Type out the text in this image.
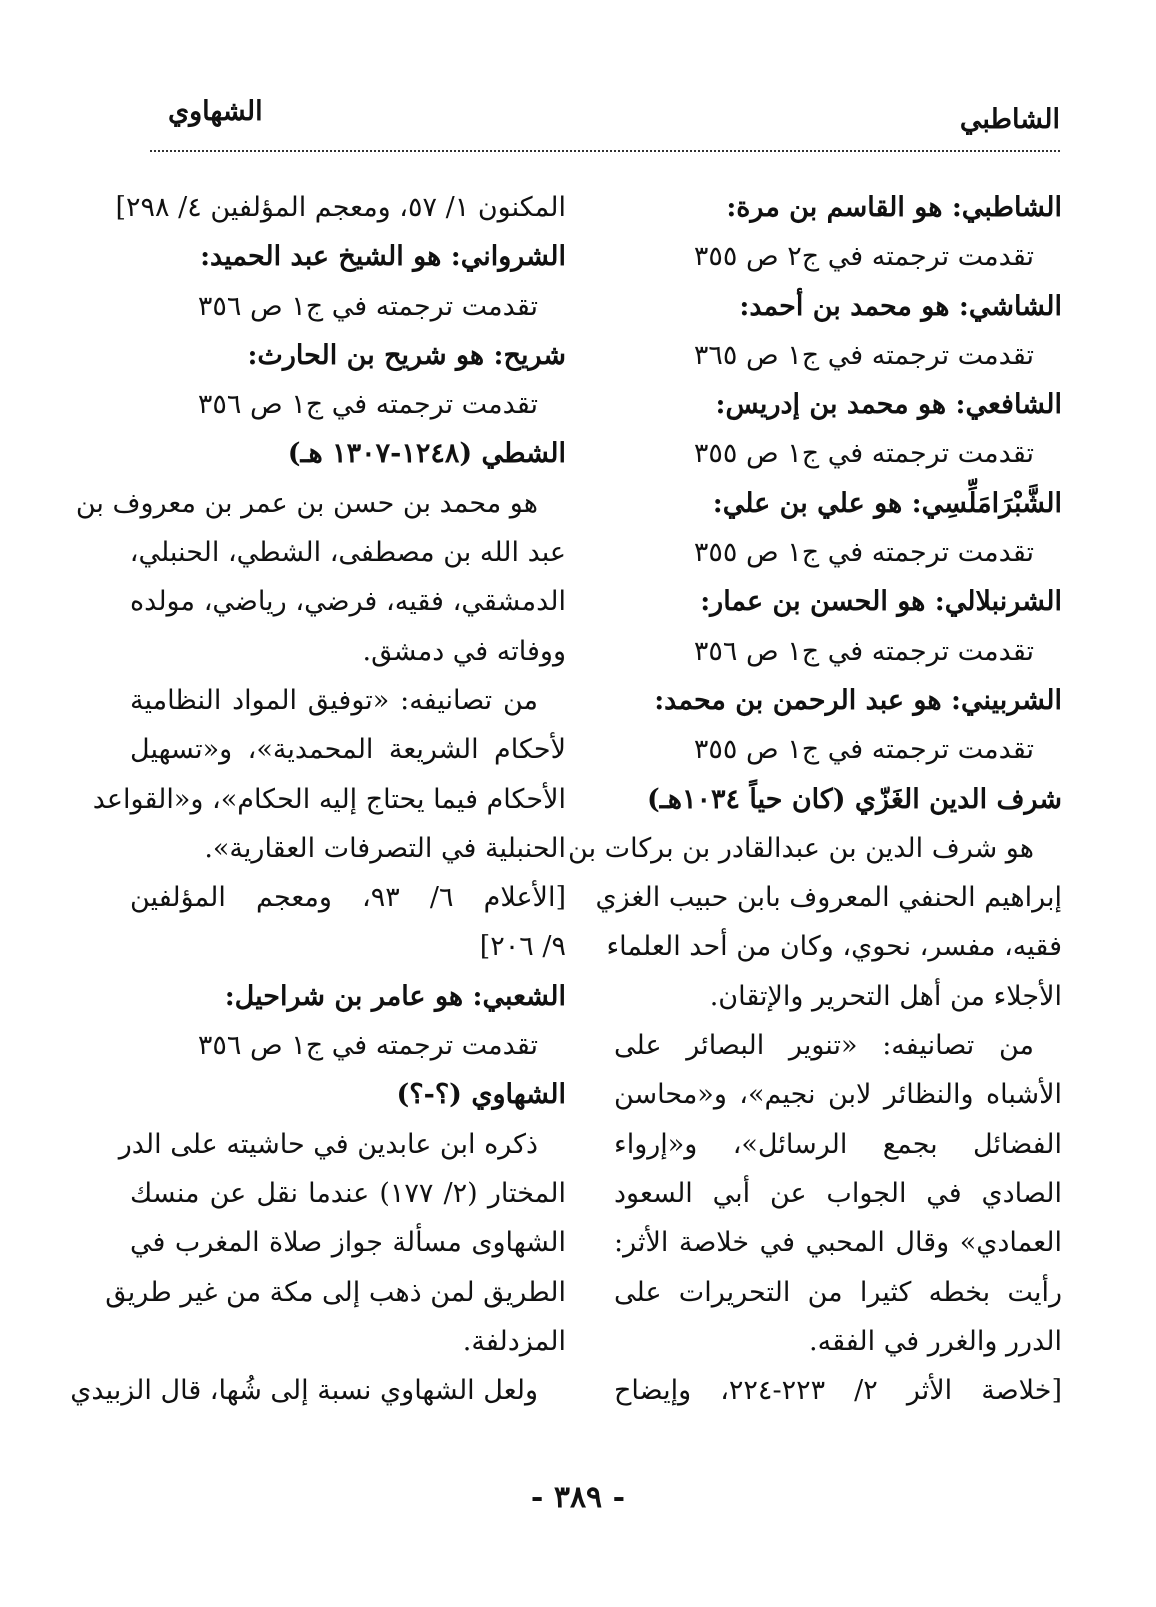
الشاطبي
الشهاوي
الشاطبي: هو القاسم بن مرة:
تقدمت ترجمته في ج٢ ص ٣٥٥
الشاشي: هو محمد بن أحمد:
تقدمت ترجمته في ج١ ص ٣٦٥
الشافعي: هو محمد بن إدريس:
تقدمت ترجمته في ج١ ص ٣٥٥
الشَّبْرَامَلِّسِي: هو علي بن علي:
تقدمت ترجمته في ج١ ص ٣٥٥
الشرنبلالي: هو الحسن بن عمار:
تقدمت ترجمته في ج١ ص ٣٥٦
الشربيني: هو عبد الرحمن بن محمد:
تقدمت ترجمته في ج١ ص ٣٥٥
شرف الدين الغَزّي (كان حياً ١٠٣٤هـ)
هو شرف الدين بن عبدالقادر بن بركات بن
إبراهيم الحنفي المعروف بابن حبيب الغزي
فقيه، مفسر، نحوي، وكان من أحد العلماء
الأجلاء من أهل التحرير والإتقان.
من تصانيفه: «تنوير البصائر على
الأشباه والنظائر لابن نجيم»، و«محاسن
الفضائل بجمع الرسائل»، و«إرواء
الصادي في الجواب عن أبي السعود
العمادي» وقال المحبي في خلاصة الأثر:
رأيت بخطه كثيرا من التحريرات على
الدرر والغرر في الفقه.
[خلاصة الأثر ٢/ ٢٢٣-٢٢٤، وإيضاح
المكنون ١/ ٥٧، ومعجم المؤلفين ٤/ ٢٩٨]
الشرواني: هو الشيخ عبد الحميد:
تقدمت ترجمته في ج١ ص ٣٥٦
شريح: هو شريح بن الحارث:
تقدمت ترجمته في ج١ ص ٣٥٦
الشطي (١٢٤٨-١٣٠٧ هـ)
هو محمد بن حسن بن عمر بن معروف بن
عبد الله بن مصطفى، الشطي، الحنبلي،
الدمشقي، فقيه، فرضي، رياضي، مولده
ووفاته في دمشق.
من تصانيفه: «توفيق المواد النظامية
لأحكام الشريعة المحمدية»، و«تسهيل
الأحكام فيما يحتاج إليه الحكام»، و«القواعد
الحنبلية في التصرفات العقارية».
[الأعلام ٦/ ٩٣، ومعجم المؤلفين
٩/ ٢٠٦]
الشعبي: هو عامر بن شراحيل:
تقدمت ترجمته في ج١ ص ٣٥٦
الشهاوي (؟-؟)
ذكره ابن عابدين في حاشيته على الدر
المختار (٢/ ١٧٧) عندما نقل عن منسك
الشهاوى مسألة جواز صلاة المغرب في
الطريق لمن ذهب إلى مكة من غير طريق
المزدلفة.
ولعل الشهاوي نسبة إلى شُها، قال الزبيدي
- ٣٨٩ -
